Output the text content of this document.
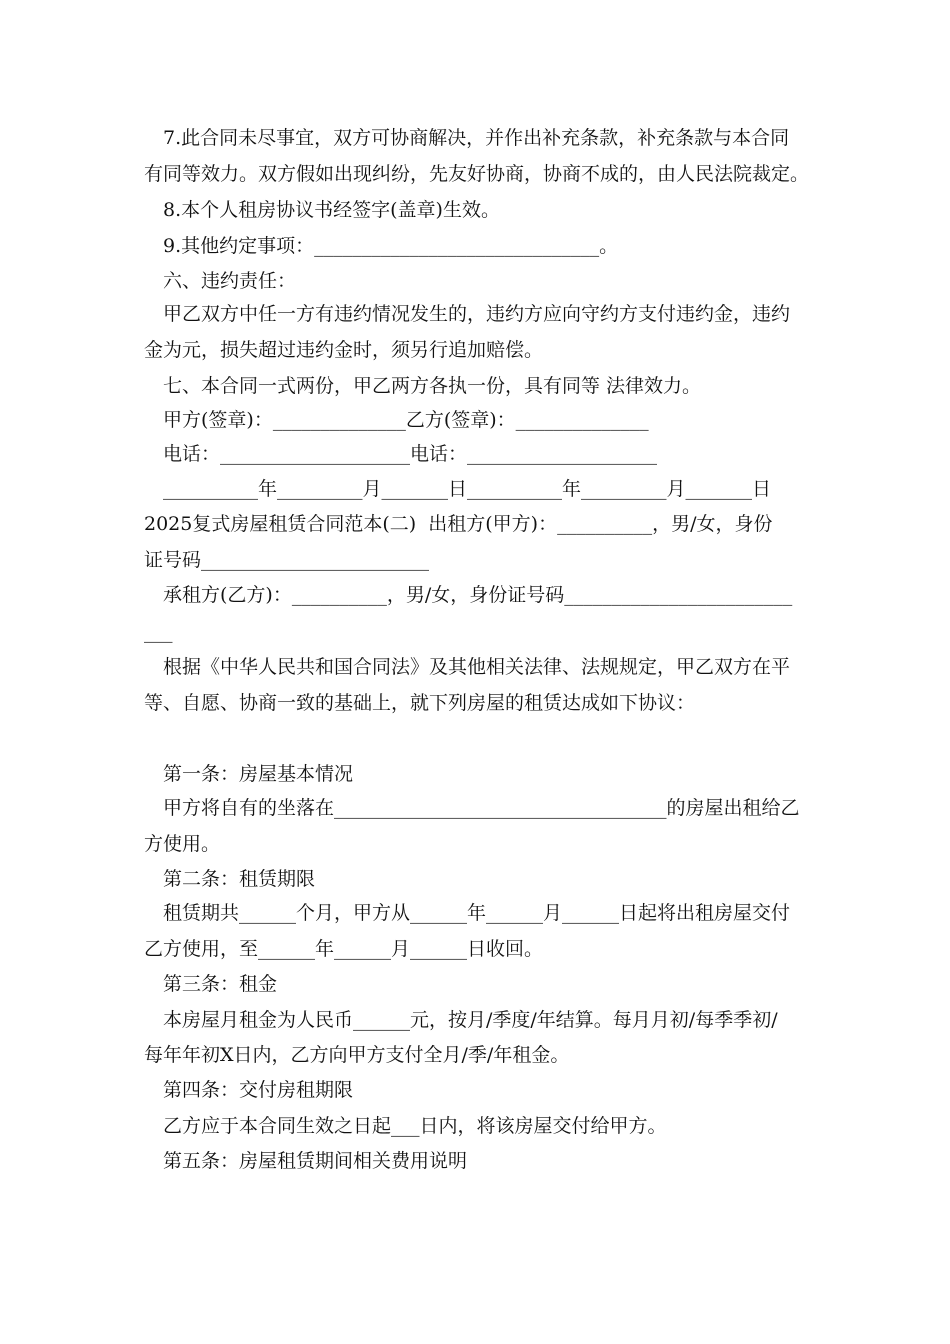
7.此合同未尽事宜，双方可协商解决，并作出补充条款，补充条款与本合同
有同等效力。双方假如出现纠纷，先友好协商，协商不成的，由人民法院裁定。
8.本个人租房协议书经签字(盖章)生效。
9.其他约定事项：______________________________。
六、违约责任：
甲乙双方中任一方有违约情况发生的，违约方应向守约方支付违约金，违约
金为元，损失超过违约金时，须另行追加赔偿。
七、本合同一式两份，甲乙两方各执一份，具有同等 法律效力。
甲方(签章)：______________乙方(签章)：______________
电话：____________________电话：____________________
__________年_________月_______日__________年_________月_______日
2025复式房屋租赁合同范本(二)  出租方(甲方)：__________，男/女，身份
证号码________________________
承租方(乙方)：__________，男/女，身份证号码________________________
___
根据《中华人民共和国合同法》及其他相关法律、法规规定，甲乙双方在平
等、自愿、协商一致的基础上，就下列房屋的租赁达成如下协议：
第一条：房屋基本情况
甲方将自有的坐落在___________________________________的房屋出租给乙
方使用。
第二条：租赁期限
租赁期共______个月，甲方从______年______月______日起将出租房屋交付
乙方使用，至______年______月______日收回。
第三条：租金
本房屋月租金为人民币______元，按月/季度/年结算。每月月初/每季季初/
每年年初X日内，乙方向甲方支付全月/季/年租金。
第四条：交付房租期限
乙方应于本合同生效之日起___日内，将该房屋交付给甲方。
第五条：房屋租赁期间相关费用说明
